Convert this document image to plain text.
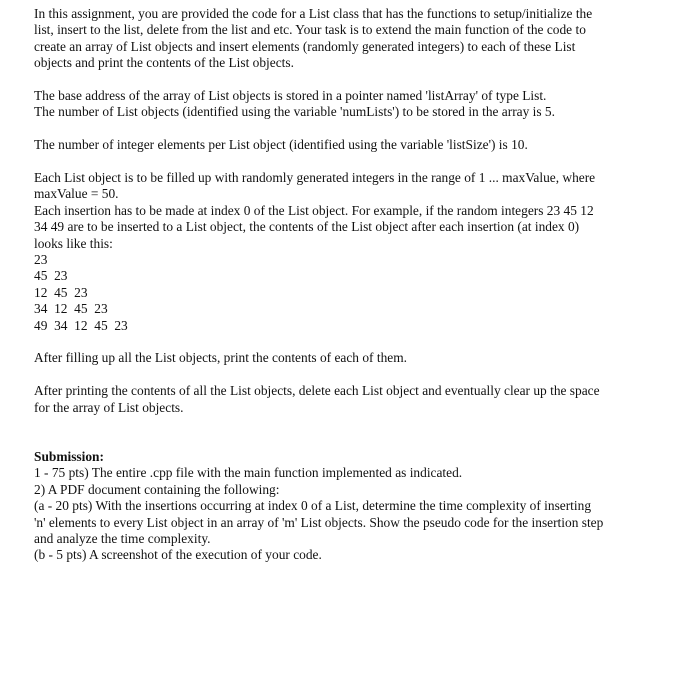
In this assignment, you are provided the code for a List class that has the functions to setup/initialize the
list, insert to the list, delete from the list and etc. Your task is to extend the main function of the code to
create an array of List objects and insert elements (randomly generated integers) to each of these List
objects and print the contents of the List objects.
The base address of the array of List objects is stored in a pointer named 'listArray' of type List.
The number of List objects (identified using the variable 'numLists') to be stored in the array is 5.
The number of integer elements per List object (identified using the variable 'listSize') is 10.
Each List object is to be filled up with randomly generated integers in the range of 1 ... maxValue, where
maxValue = 50.
Each insertion has to be made at index 0 of the List object. For example, if the random integers 23 45 12
34 49 are to be inserted to a List object, the contents of the List object after each insertion (at index 0)
looks like this:
23
45  23
12  45  23
34  12  45  23
49  34  12  45  23
After filling up all the List objects, print the contents of each of them.
After printing the contents of all the List objects, delete each List object and eventually clear up the space
for the array of List objects.
Submission:
1 - 75 pts) The entire .cpp file with the main function implemented as indicated.
2) A PDF document containing the following:
(a - 20 pts) With the insertions occurring at index 0 of a List, determine the time complexity of inserting
'n' elements to every List object in an array of 'm' List objects. Show the pseudo code for the insertion step
and analyze the time complexity.
(b - 5 pts) A screenshot of the execution of your code.
